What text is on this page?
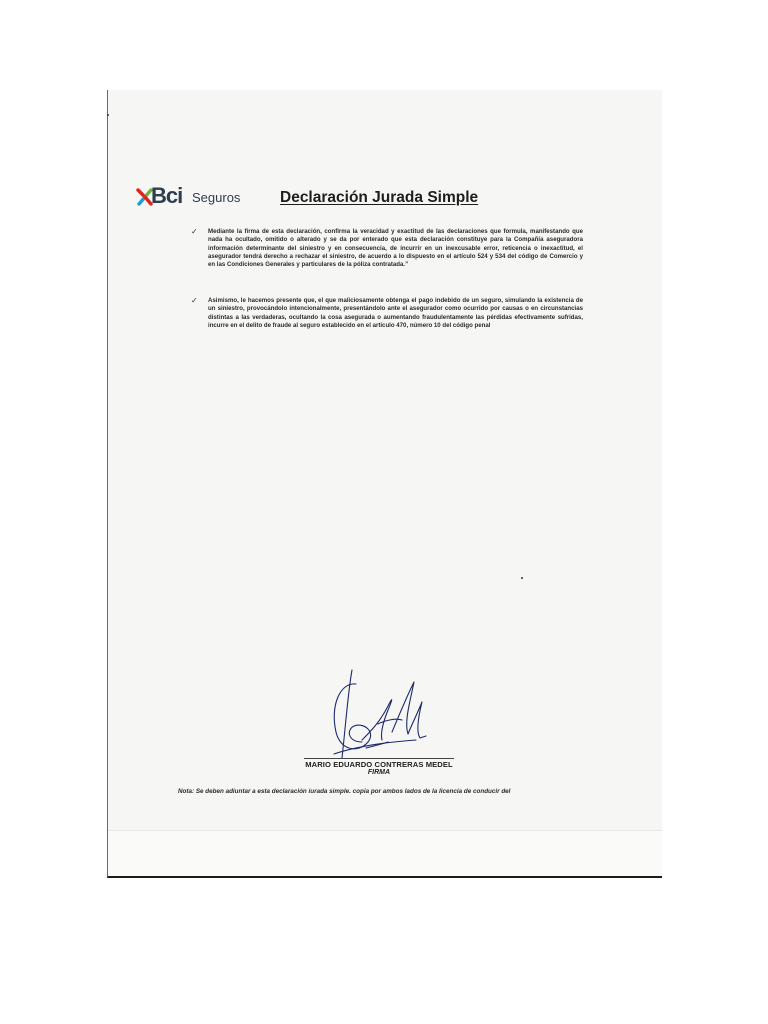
Bci Seguros	Declaración Jurada Simple
✓ Mediante la firma de esta declaración, confirma la veracidad y exactitud de las declaraciones que formula, manifestando que nada ha ocultado, omitido o alterado y se da por enterado que esta declaración constituye para la Compañía aseguradora información determinante del siniestro y en consecuencia, de incurrir en un inexcusable error, reticencia o inexactitud, el asegurador tendrá derecho a rechazar el siniestro, de acuerdo a lo dispuesto en el artículo 524 y 534 del código de Comercio y en las Condiciones Generales y particulares de la póliza contratada.”
✓ Asimismo, le hacemos presente que, el que maliciosamente obtenga el pago indebido de un seguro, simulando la existencia de un siniestro, provocándolo intencionalmente, presentándolo ante el asegurador como ocurrido por causas o en circunstancias distintas a las verdaderas, ocultando la cosa asegurada o aumentando fraudulentamente las pérdidas efectivamente sufridas, incurre en el delito de fraude al seguro establecido en el artículo 470, número 10 del código penal
MARIO EDUARDO CONTRERAS MEDEL
FIRMA
Nota: Se deben adiuntar a esta declaración iurada simple. copia por ambos lados de la licencia de conducir del
